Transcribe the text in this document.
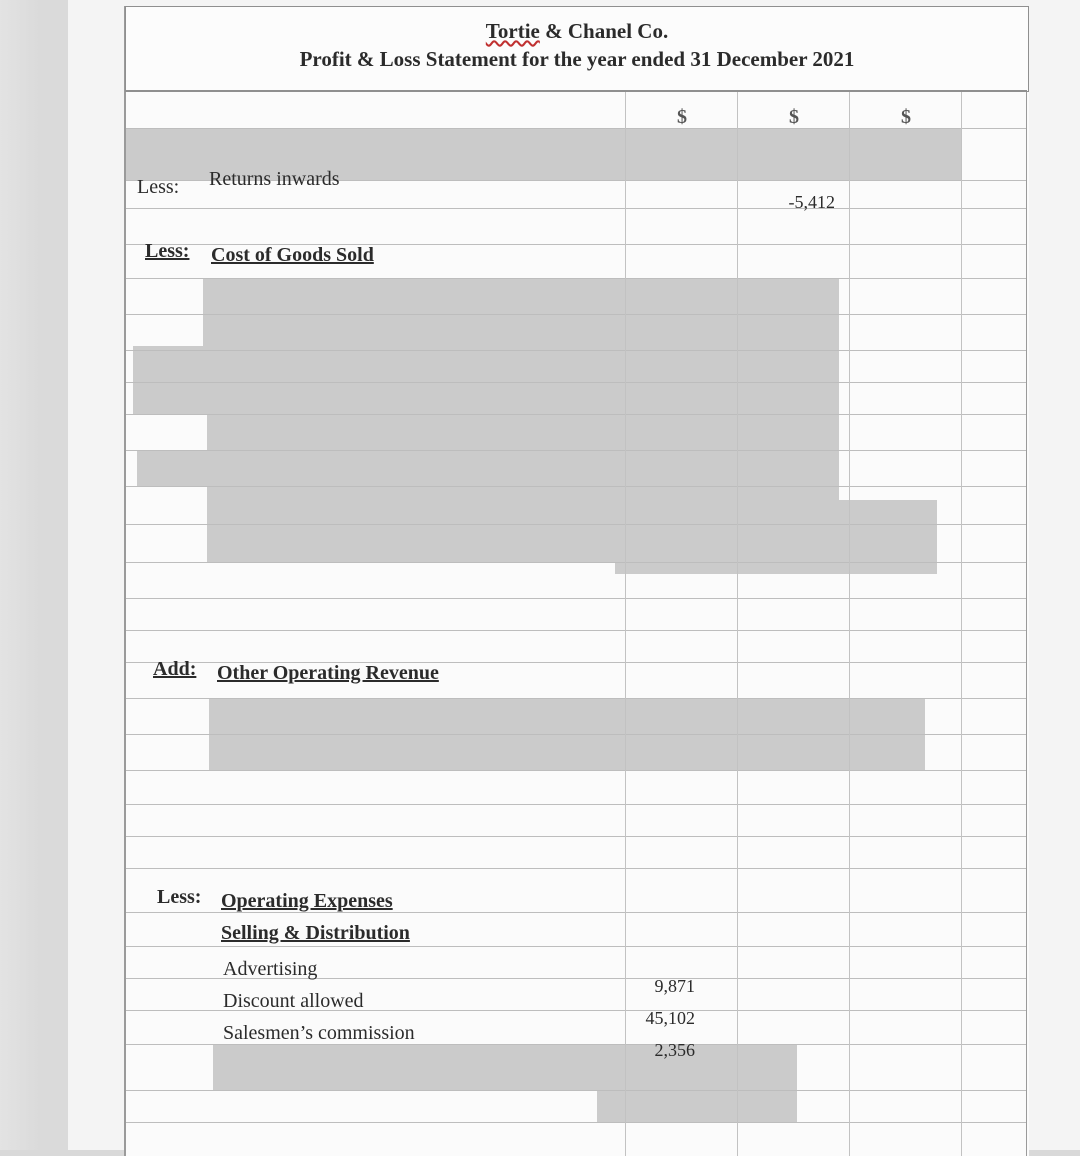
Tortie & Chanel Co.
Profit & Loss Statement for the year ended 31 December 2021
$	$	$
Less: Returns inwards
-5,412
Less: Cost of Goods Sold
Add: Other Operating Revenue
Less: Operating Expenses
Selling & Distribution
Advertising
Discount allowed
Salesmen’s commission
9,871
45,102
2,356
